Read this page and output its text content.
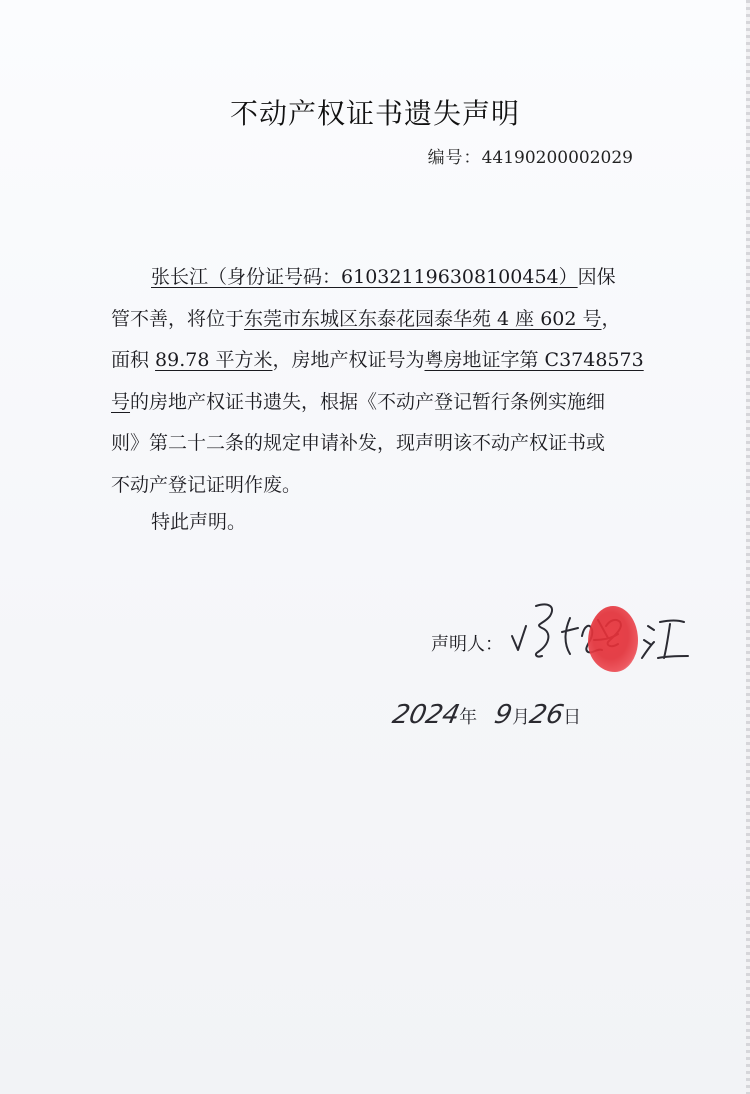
不动产权证书遗失声明
编号：44190200002029
张长江（身份证号码：610321196308100454）因保
管不善，将位于东莞市东城区东泰花园泰华苑 4 座 602 号，
面积 89.78 平方米，房地产权证号为粤房地证字第 C3748573
号的房地产权证书遗失，根据《不动产登记暂行条例实施细
则》第二十二条的规定申请补发，现声明该不动产权证书或
不动产登记证明作废。
特此声明。
声明人：
2024年 9月26日
